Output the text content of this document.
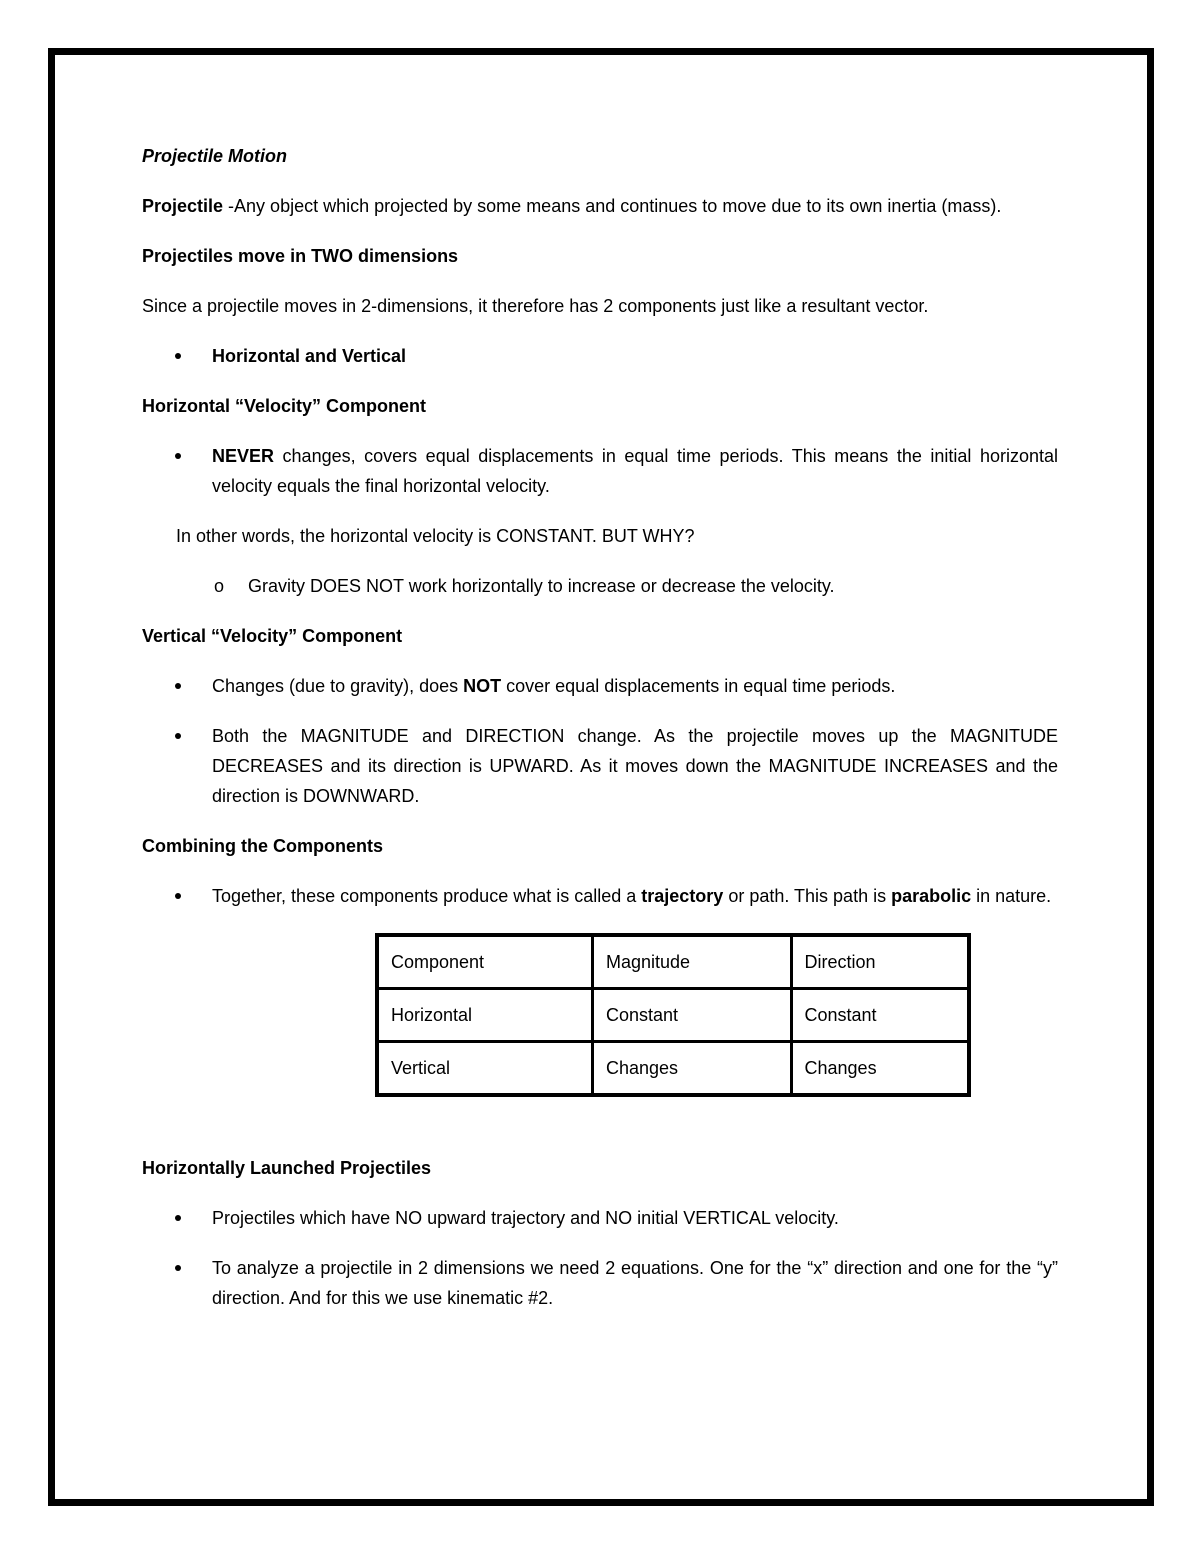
Projectile Motion

Projectile -Any object which projected by some means and continues to move due to its own inertia (mass).

Projectiles move in TWO dimensions

Since a projectile moves in 2-dimensions, it therefore has 2 components just like a resultant vector.

Horizontal and Vertical

Horizontal “Velocity” Component

NEVER changes, covers equal displacements in equal time periods. This means the initial horizontal velocity equals the final horizontal velocity.

In other words, the horizontal velocity is CONSTANT. BUT WHY?

o Gravity DOES NOT work horizontally to increase or decrease the velocity.

Vertical “Velocity” Component

Changes (due to gravity), does NOT cover equal displacements in equal time periods.

Both the MAGNITUDE and DIRECTION change. As the projectile moves up the MAGNITUDE DECREASES and its direction is UPWARD. As it moves down the MAGNITUDE INCREASES and the direction is DOWNWARD.

Combining the Components

Together, these components produce what is called a trajectory or path. This path is parabolic in nature.

Component	Magnitude	Direction
Horizontal	Constant	Constant
Vertical	Changes	Changes

Horizontally Launched Projectiles

Projectiles which have NO upward trajectory and NO initial VERTICAL velocity.

To analyze a projectile in 2 dimensions we need 2 equations. One for the “x” direction and one for the “y” direction. And for this we use kinematic #2.
